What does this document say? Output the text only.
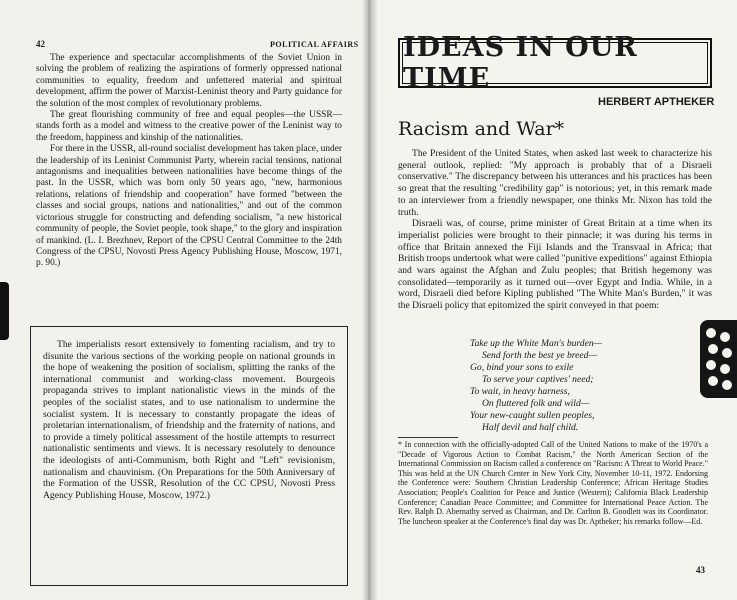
42	POLITICAL AFFAIRS

The experience and spectacular accomplishments of the Soviet Union in solving the problem of realizing the aspirations of formerly oppressed national communities to equality, freedom and unfettered material and spiritual development, affirm the power of Marxist-Leninist theory and Party guidance for the solution of the most complex of revolutionary problems.

The great flourishing community of free and equal peoples—the USSR—stands forth as a model and witness to the creative power of the Leninist way to the freedom, happiness and kinship of the nationalities.

For there in the USSR, all-round socialist development has taken place, under the leadership of its Leninist Communist Party, wherein racial tensions, national antagonisms and inequalities between nationalities have become things of the past. In the USSR, which was born only 50 years ago, "new, harmonious relations, relations of friendship and cooperation" have formed "between the classes and social groups, nations and nationalities," and out of the common victorious struggle for constructing and defending socialism, "a new historical community of people, the Soviet people, took shape," to the glory and inspiration of mankind. (L. I. Brezhnev, Report of the CPSU Central Committee to the 24th Congress of the CPSU, Novosti Press Agency Publishing House, Moscow, 1971, p. 90.)

The imperialists resort extensively to fomenting racialism, and try to disunite the various sections of the working people on national grounds in the hope of weakening the position of socialism, splitting the ranks of the international communist and working-class movement. Bourgeois propaganda strives to implant nationalistic views in the minds of the peoples of the socialist states, and to use nationalism to undermine the socialist system. It is necessary to constantly propagate the ideas of proletarian internationalism, of friendship and the fraternity of nations, and to provide a timely political assessment of the hostile attempts to resurrect nationalistic sentiments and views. It is necessary resolutely to denounce the ideologists of anti-Communism, both Right and "Left" revisionism, nationalism and chauvinism. (On Preparations for the 50th Anniversary of the Formation of the USSR, Resolution of the CC CPSU, Novosti Press Agency Publishing House, Moscow, 1972.)

IDEAS IN OUR TIME
HERBERT APTHEKER
Racism and War*

The President of the United States, when asked last week to characterize his general outlook, replied: "My approach is probably that of a Disraeli conservative." The discrepancy between his utterances and his practices has been so great that the resulting "credibility gap" is notorious; yet, in this remark made to an interviewer from a friendly newspaper, one thinks Mr. Nixon has told the truth.

Disraeli was, of course, prime minister of Great Britain at a time when its imperialist policies were brought to their pinnacle; it was during his terms in office that Britain annexed the Fiji Islands and the Transvaal in Africa; that British troops undertook what were called "punitive expeditions" against Ethiopia and wars against the Afghan and Zulu peoples; that British hegemony was consolidated—temporarily as it turned out—over Egypt and India. While, in a word, Disraeli died before Kipling published "The White Man's Burden," it was the Disraeli policy that epitomized the spirit conveyed in that poem:

Take up the White Man's burden—
Send forth the best ye breed—
Go, bind your sons to exile
To serve your captives' need;
To wait, in heavy harness,
On fluttered folk and wild—
Your new-caught sullen peoples,
Half devil and half child.
* In connection with the officially-adopted Call of the United Nations to make of the 1970's a "Decade of Vigorous Action to Combat Racism," the North American Section of the International Commission on Racism called a conference on "Racism: A Threat to World Peace." This was held at the UN Church Center in New York City, November 10-11, 1972. Endorsing the Conference were: Southern Christian Leadership Conference; African Heritage Studies Association; People's Coalition for Peace and Justice (Western); California Black Leadership Conference; Canadian Peace Committee; and Committee for International Peace Action. The Rev. Ralph D. Abernathy served as Chairman, and Dr. Carlton B. Goodlett was its Coordinator. The luncheon speaker at the Conference's final day was Dr. Aptheker; his remarks follow—Ed.
43
